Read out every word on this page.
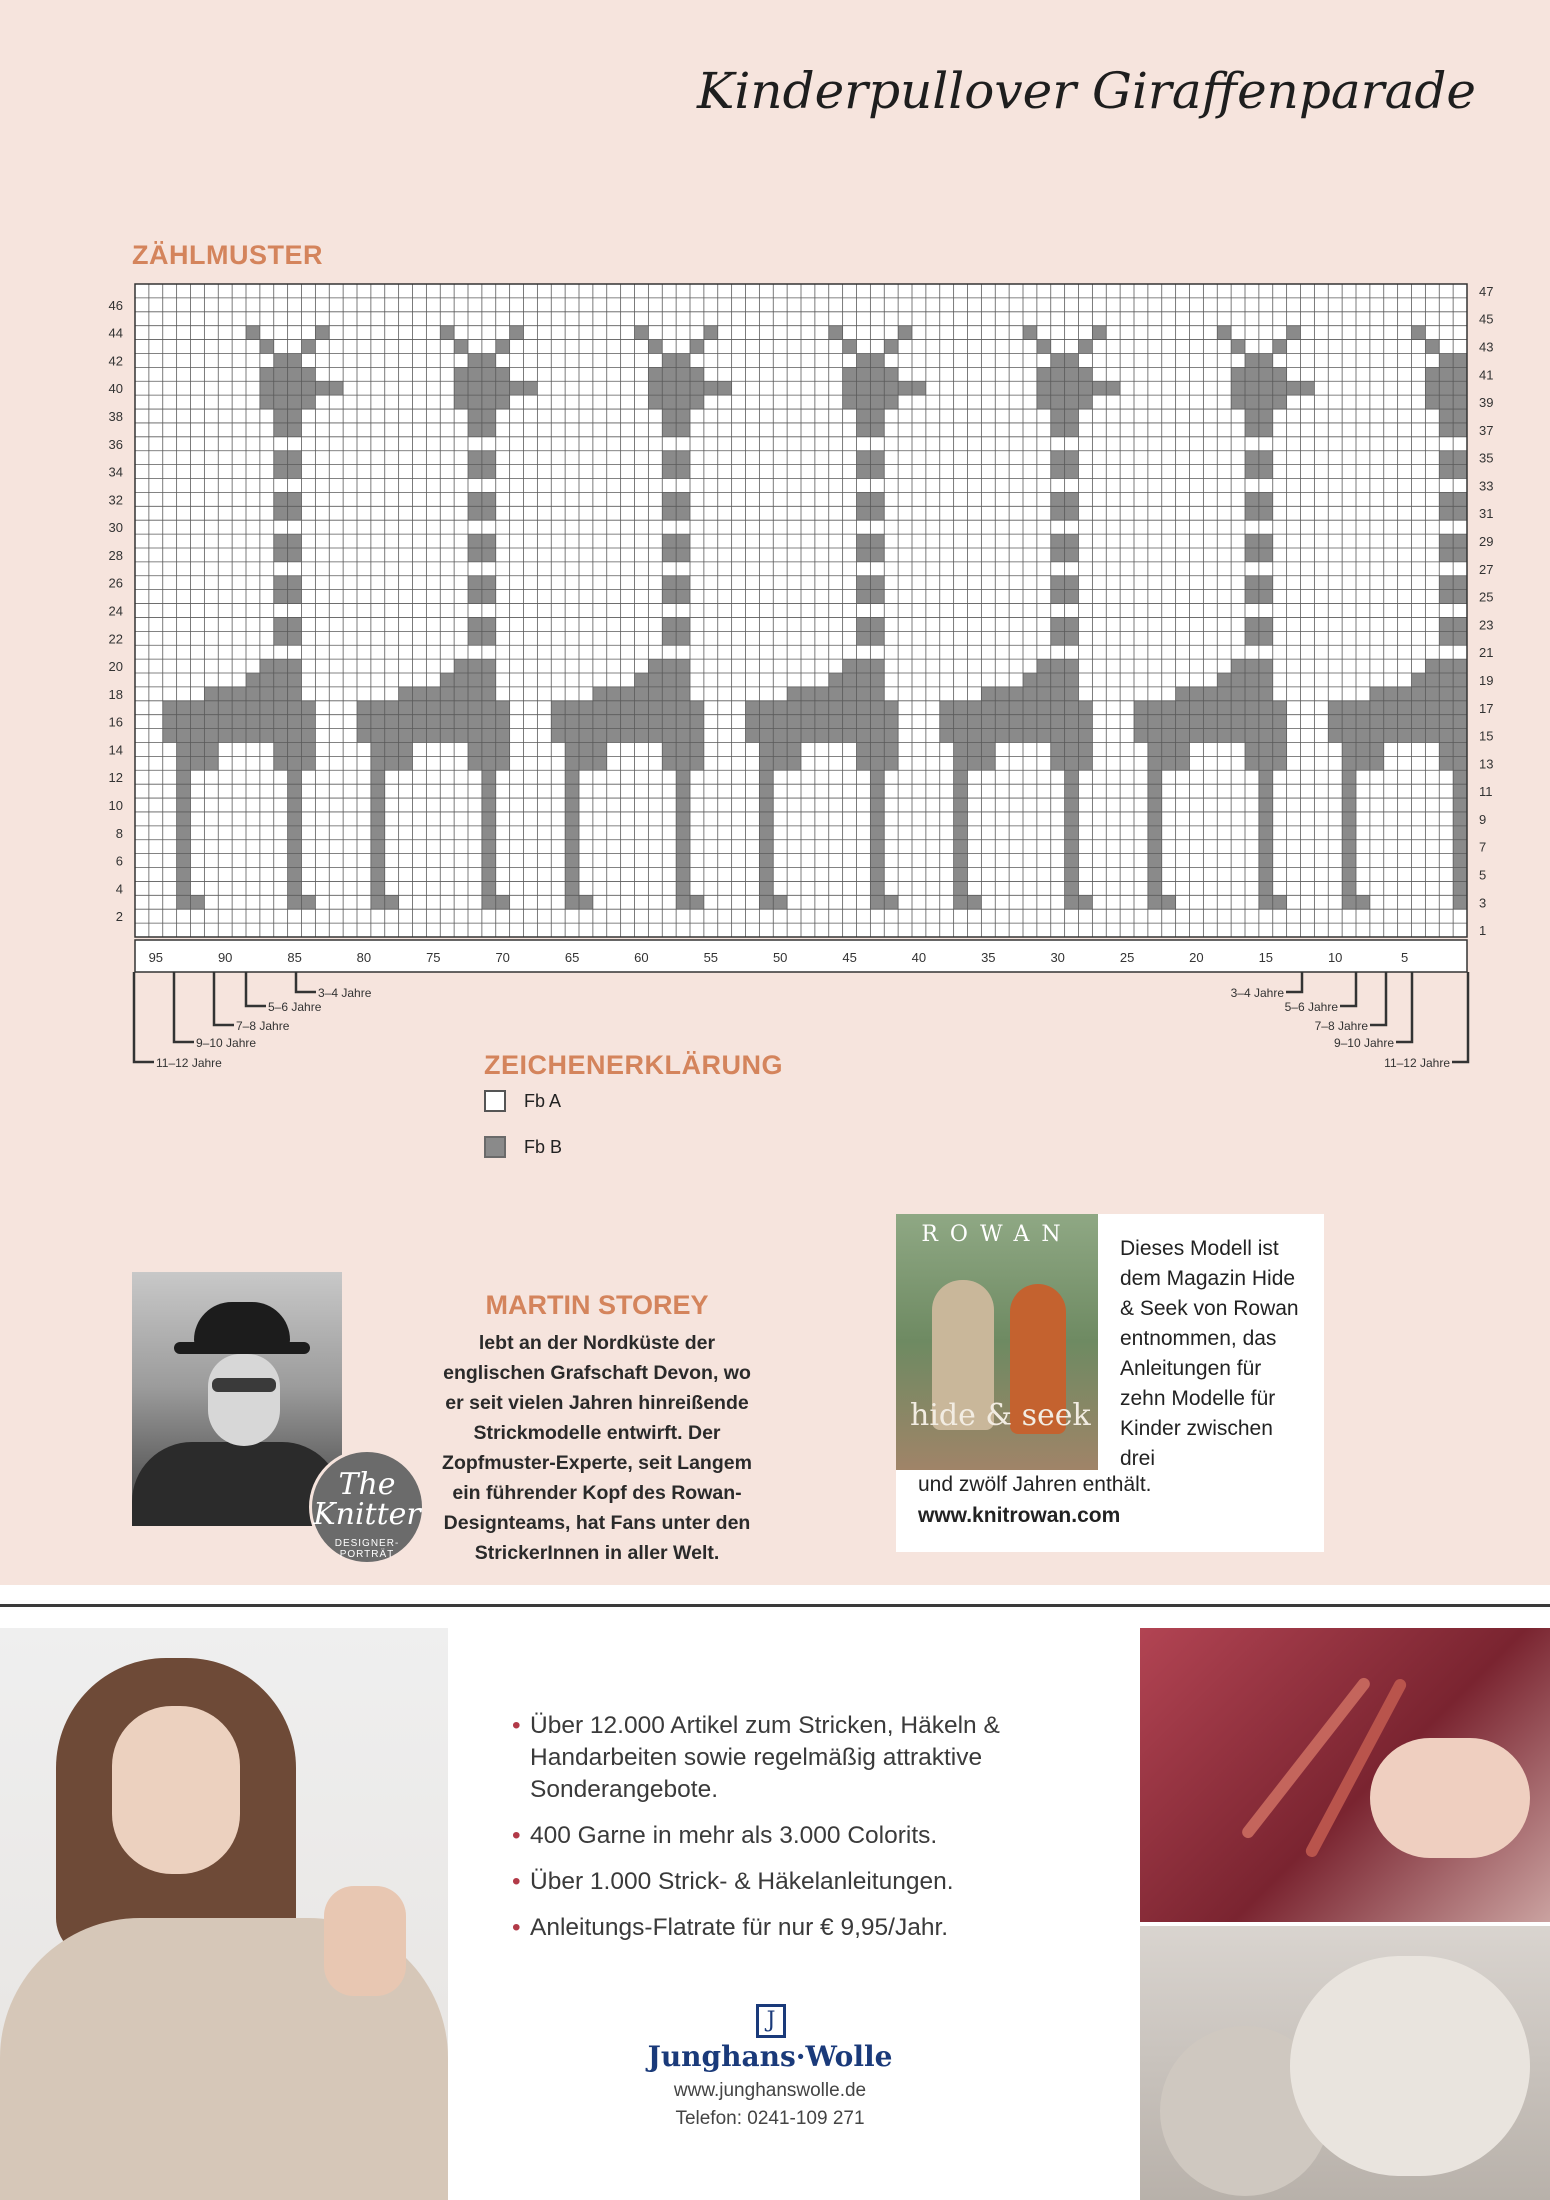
Kinderpullover Giraffenparade
ZÄHLMUSTER
2
4
6
8
10
12
14
16
18
20
22
24
26
28
30
32
34
36
38
40
42
44
46
1
3
5
7
9
11
13
15
17
19
21
23
25
27
29
31
33
35
37
39
41
43
45
47
95	90	85	80	75	70	65	60	55	50	45	40	35	30	25	20	15	10	5
3–4 Jahre
5–6 Jahre
7–8 Jahre
9–10 Jahre
11–12 Jahre
3–4 Jahre
5–6 Jahre
7–8 Jahre
9–10 Jahre
11–12 Jahre
ZEICHENERKLÄRUNG
Fb A
Fb B
The Knitter
DESIGNER-PORTRÄT
MARTIN STOREY
lebt an der Nordküste der englischen Grafschaft Devon, wo er seit vielen Jahren hinreißende Strickmodelle entwirft. Der Zopfmuster-Experte, seit Langem ein führender Kopf des Rowan-Designteams, hat Fans unter den StrickerInnen in aller Welt.
ROWAN
hide & seek
Dieses Modell ist dem Magazin Hide & Seek von Rowan entnommen, das Anleitungen für zehn Modelle für Kinder zwischen drei
und zwölf Jahren enthält.
www.knitrowan.com
• Über 12.000 Artikel zum Stricken, Häkeln & Handarbeiten sowie regelmäßig attraktive Sonderangebote.
• 400 Garne in mehr als 3.000 Colorits.
• Über 1.000 Strick- & Häkelanleitungen.
• Anleitungs-Flatrate für nur € 9,95/Jahr.
J
Junghans·Wolle
www.junghanswolle.de
Telefon: 0241-109 271
